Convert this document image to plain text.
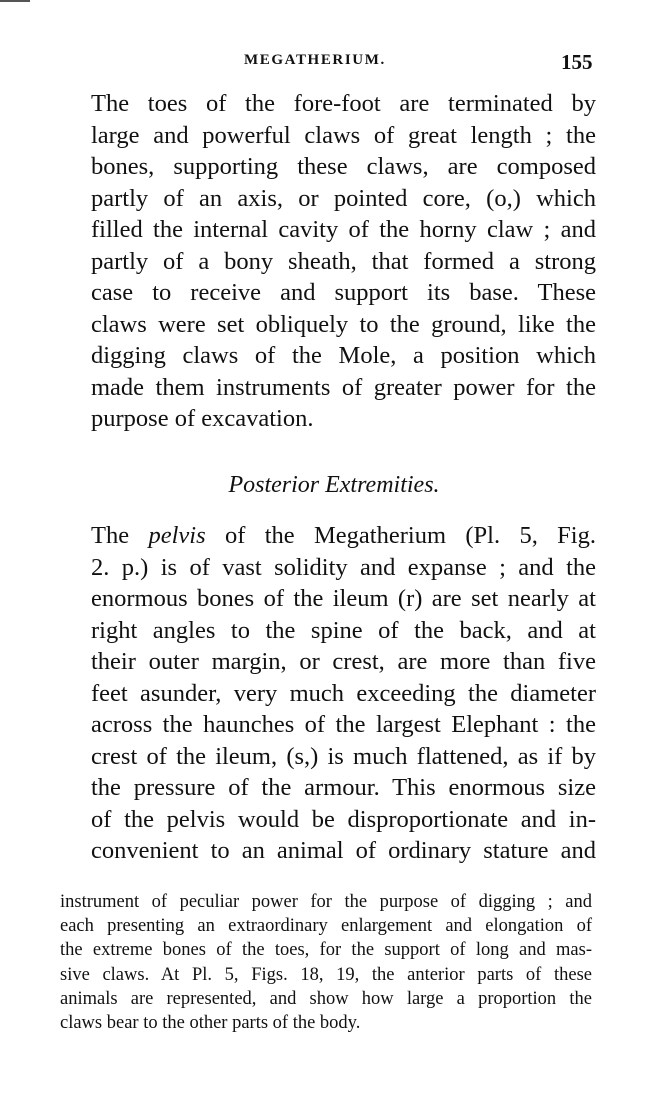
MEGATHERIUM.	155

The toes of the fore-foot are terminated by
large and powerful claws of great length ; the
bones, supporting these claws, are composed
partly of an axis, or pointed core, (o,) which
filled the internal cavity of the horny claw ; and
partly of a bony sheath, that formed a strong
case to receive and support its base. These
claws were set obliquely to the ground, like the
digging claws of the Mole, a position which
made them instruments of greater power for the
purpose of excavation.

Posterior Extremities.

The pelvis of the Megatherium (Pl. 5, Fig.
2. p.) is of vast solidity and expanse ; and the
enormous bones of the ileum (r) are set nearly at
right angles to the spine of the back, and at
their outer margin, or crest, are more than five
feet asunder, very much exceeding the diameter
across the haunches of the largest Elephant : the
crest of the ileum, (s,) is much flattened, as if by
the pressure of the armour. This enormous size
of the pelvis would be disproportionate and in-
convenient to an animal of ordinary stature and

instrument of peculiar power for the purpose of digging ; and
each presenting an extraordinary enlargement and elongation of
the extreme bones of the toes, for the support of long and mas-
sive claws. At Pl. 5, Figs. 18, 19, the anterior parts of these
animals are represented, and show how large a proportion the
claws bear to the other parts of the body.
